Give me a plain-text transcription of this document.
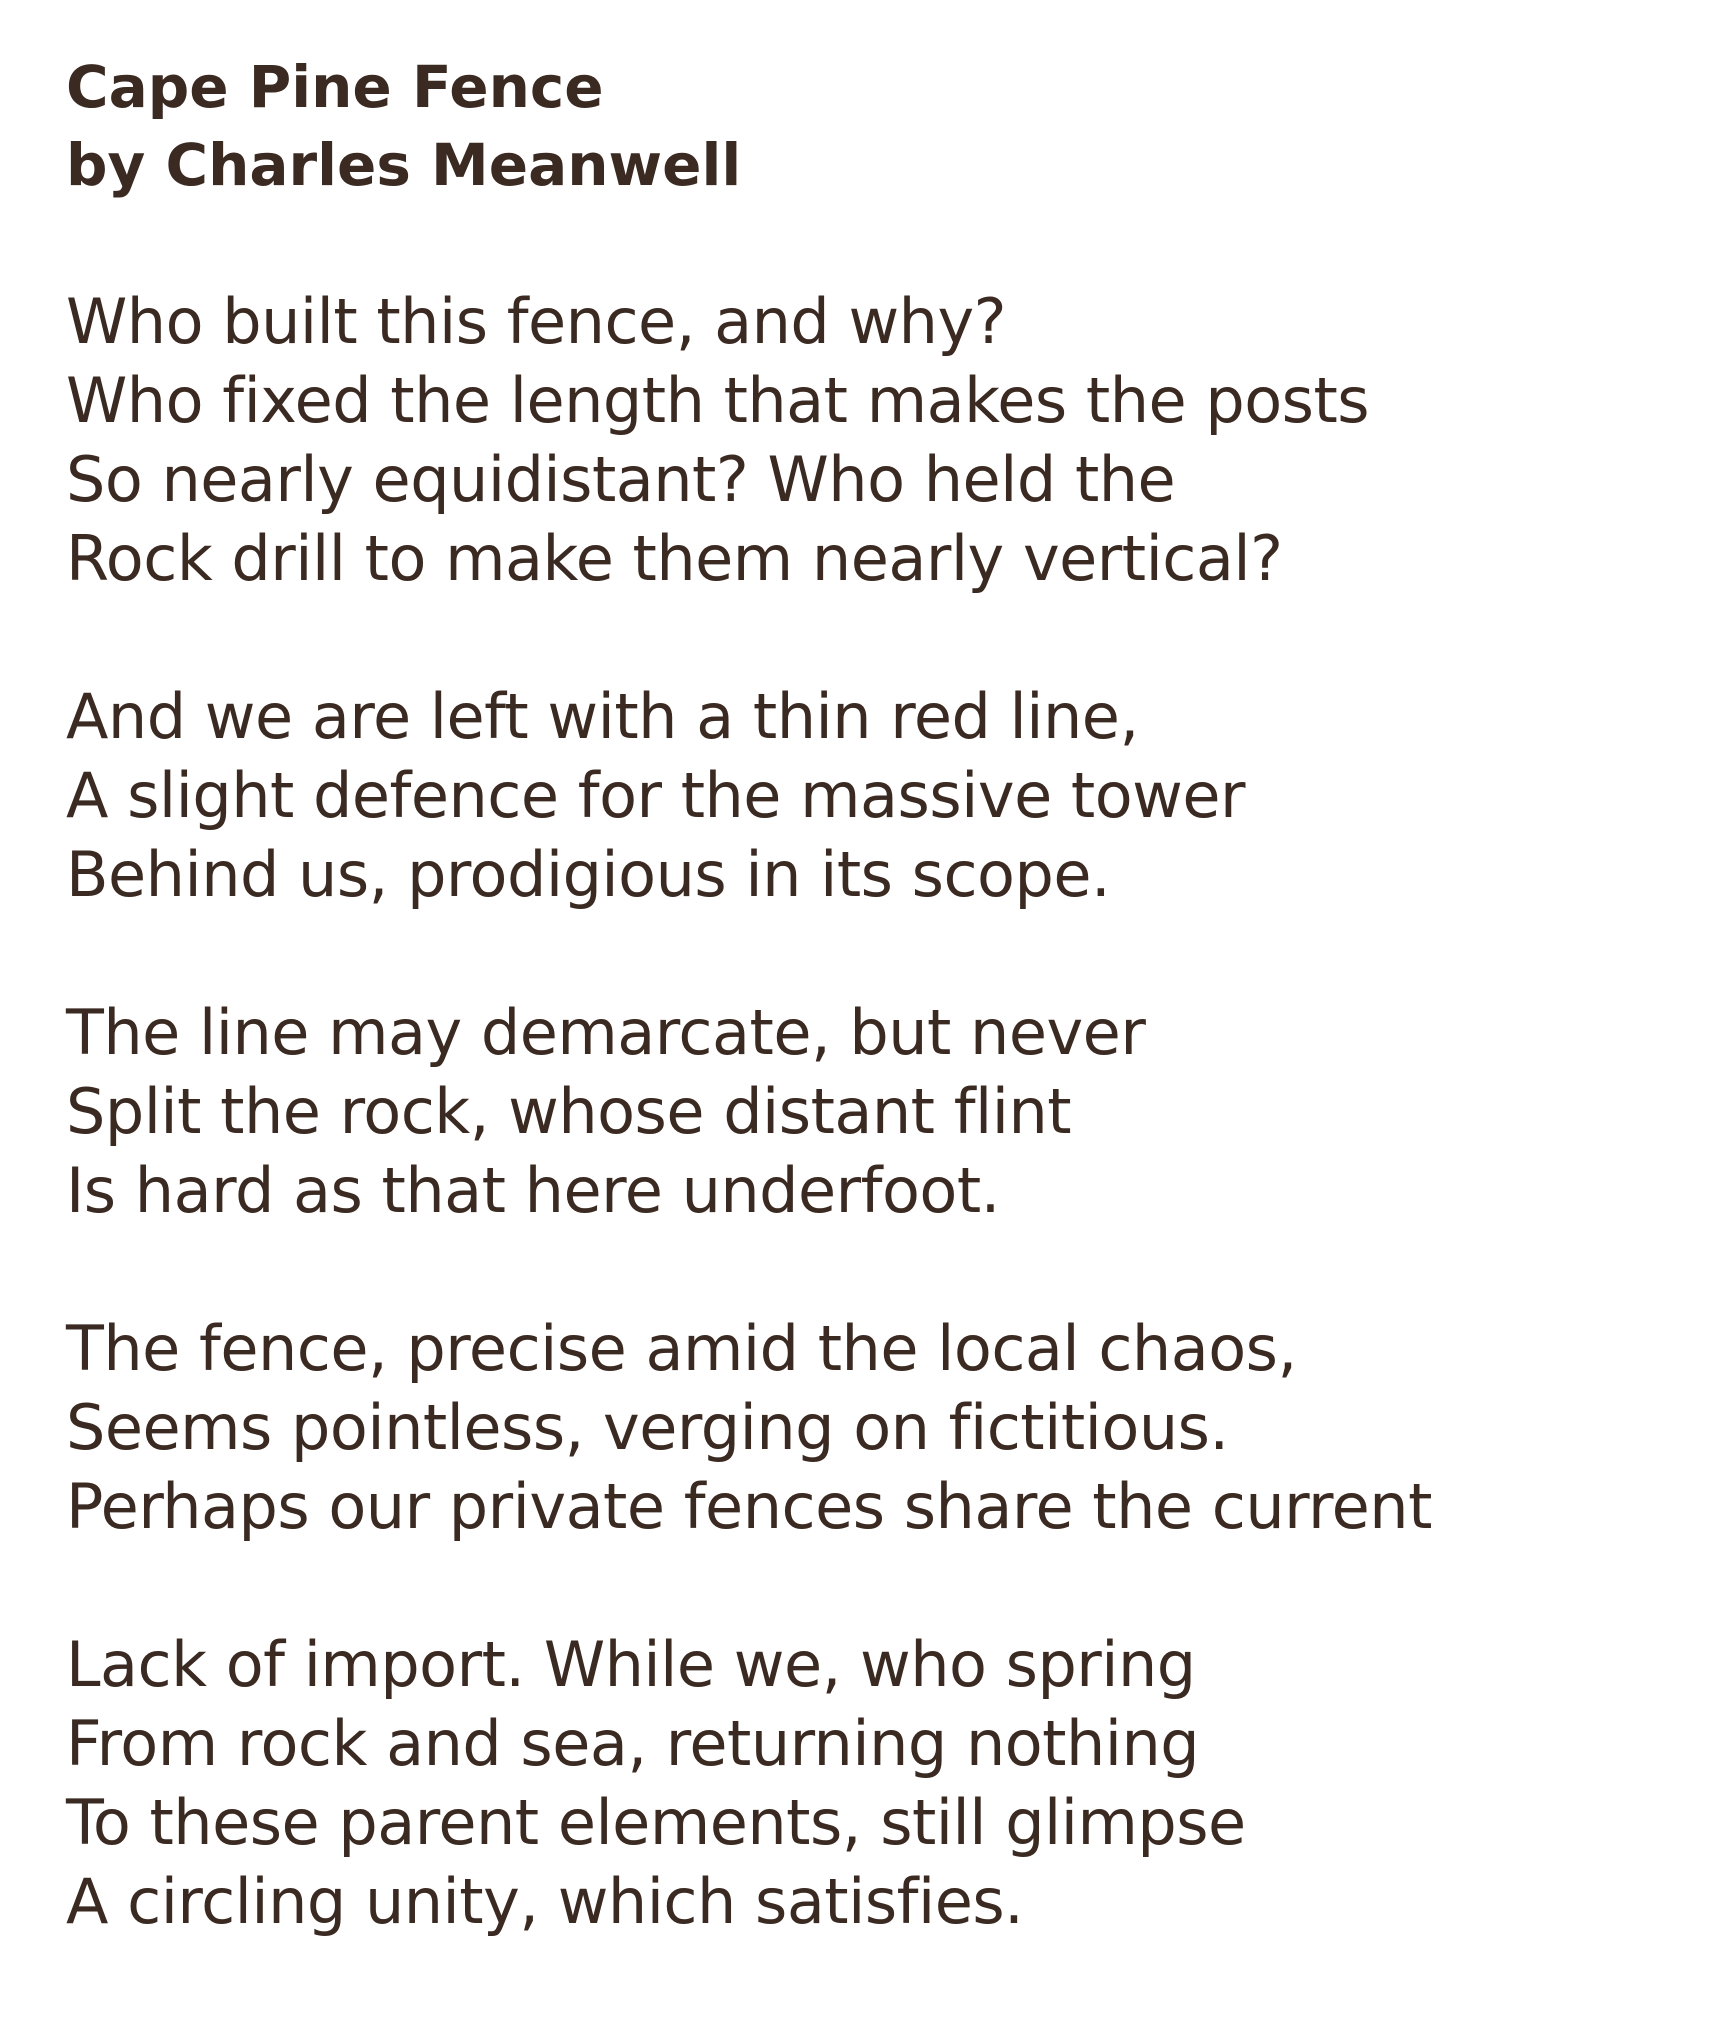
Cape Pine Fence
by Charles Meanwell
Who built this fence, and why?
Who fixed the length that makes the posts
So nearly equidistant? Who held the
Rock drill to make them nearly vertical?
And we are left with a thin red line,
A slight defence for the massive tower
Behind us, prodigious in its scope.
The line may demarcate, but never
Split the rock, whose distant flint
Is hard as that here underfoot.
The fence, precise amid the local chaos,
Seems pointless, verging on fictitious.
Perhaps our private fences share the current
Lack of import. While we, who spring
From rock and sea, returning nothing
To these parent elements, still glimpse
A circling unity, which satisfies.
